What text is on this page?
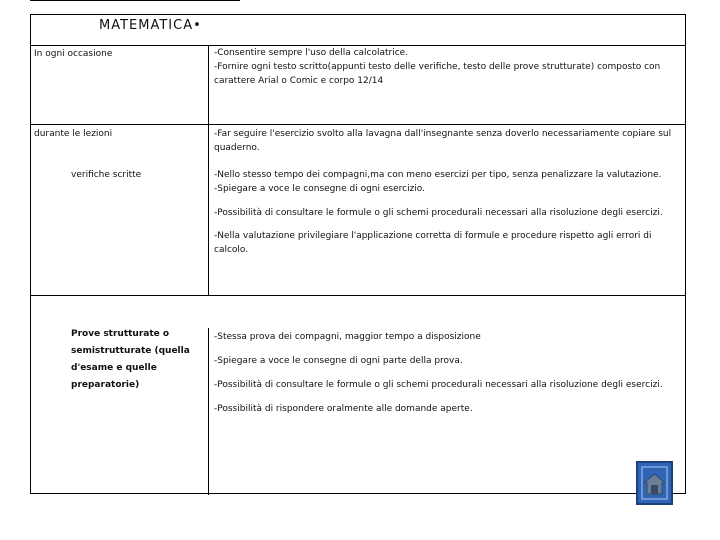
MATEMATICA•
In ogni occasione	-Consentire sempre l'uso della calcolatrice.
-Fornire ogni testo scritto(appunti testo delle verifiche, testo delle prove strutturate) composto con carattere Arial o Comic e corpo 12/14
durante le lezioni
verifiche scritte
-Far seguire l'esercizio svolto alla lavagna dall'insegnante senza doverlo necessariamente copiare sul quaderno.
-Nello stesso tempo dei compagni,ma con meno esercizi per tipo, senza penalizzare la valutazione.
-Spiegare a voce le consegne di ogni esercizio.
-Possibilità di consultare le formule o gli schemi procedurali necessari alla risoluzione degli esercizi.
-Nella valutazione privilegiare l'applicazione corretta di formule e procedure rispetto agli errori di calcolo.
Prove strutturate o semistrutturate (quella d'esame e quelle preparatorie)
-Stessa prova dei compagni, maggior tempo a disposizione
-Spiegare a voce le consegne di ogni parte della prova.
-Possibilità di consultare le formule o gli schemi procedurali necessari alla risoluzione degli esercizi.
-Possibilità di rispondere oralmente alle domande aperte.
